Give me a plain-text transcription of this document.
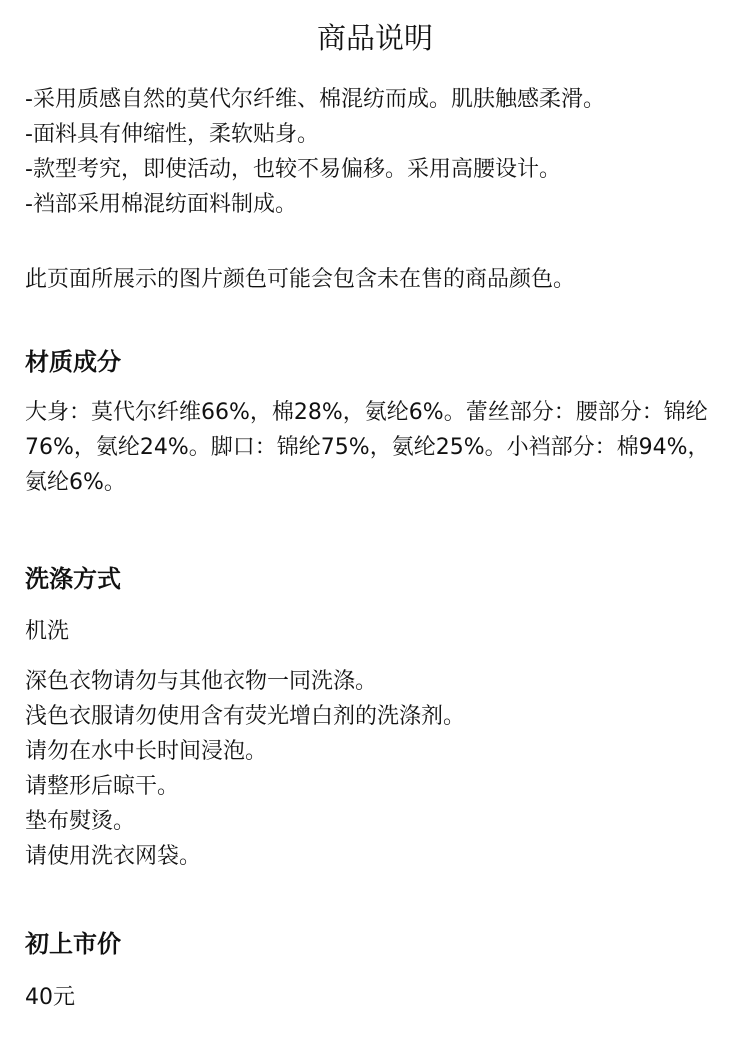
商品说明
-采用质感自然的莫代尔纤维、棉混纺而成。肌肤触感柔滑。
-面料具有伸缩性，柔软贴身。
-款型考究，即使活动，也较不易偏移。采用高腰设计。
-裆部采用棉混纺面料制成。

此页面所展示的图片颜色可能会包含未在售的商品颜色。

材质成分

大身：莫代尔纤维66%，棉28%，氨纶6%。蕾丝部分：腰部分：锦纶76%，氨纶24%。脚口：锦纶75%，氨纶25%。小裆部分：棉94%，氨纶6%。

洗涤方式

机洗

深色衣物请勿与其他衣物一同洗涤。
浅色衣服请勿使用含有荧光增白剂的洗涤剂。
请勿在水中长时间浸泡。
请整形后晾干。
垫布熨烫。
请使用洗衣网袋。
初上市价

40元
